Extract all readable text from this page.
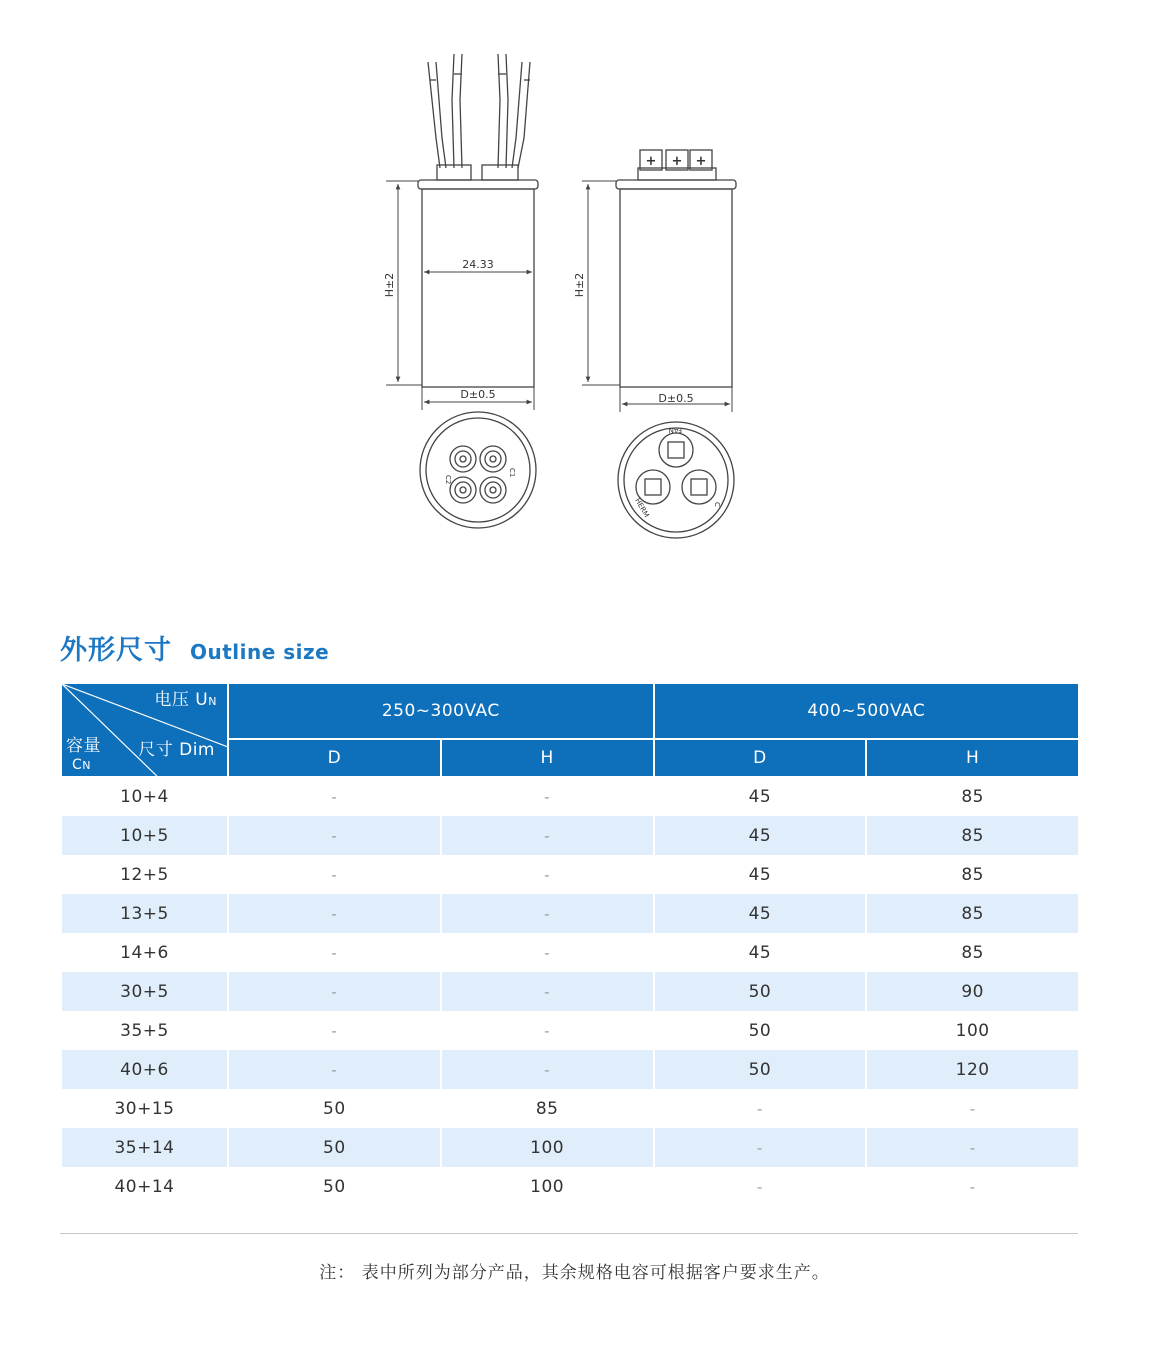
24.33
D±0.5	D±0.5
H±2	H±2
+ + +
C2
C1
FAN
HERM	C
外形尺寸 Outline size
电压 UN
尺寸 Dim
容量
CN	250~300VAC		400~500VAC	
	D	H	D	H
10+4	-	-	45	85
10+5	-	-	45	85
12+5	-	-	45	85
13+5	-	-	45	85
14+6	-	-	45	85
30+5	-	-	50	90
35+5	-	-	50	100
40+6	-	-	50	120
30+15	50	85	-	-
35+14	50	100	-	-
40+14	50	100	-	-
注： 表中所列为部分产品，其余规格电容可根据客户要求生产。
